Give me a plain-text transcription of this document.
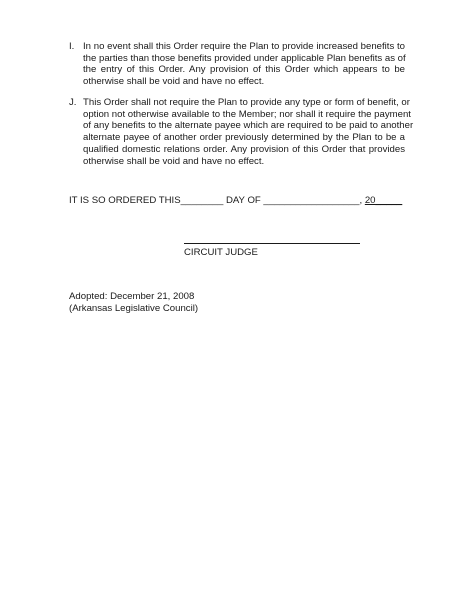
I. In no event shall this Order require the Plan to provide increased benefits to
the parties than those benefits provided under applicable Plan benefits as of
the entry of this Order. Any provision of this Order which appears to be
otherwise shall be void and have no effect.
J. This Order shall not require the Plan to provide any type or form of benefit, or
option not otherwise available to the Member; nor shall it require the payment
of any benefits to the alternate payee which are required to be paid to another
alternate payee of another order previously determined by the Plan to be a
qualified domestic relations order. Any provision of this Order that provides
otherwise shall be void and have no effect.
IT IS SO ORDERED THIS________ DAY OF __________________, 20_____
CIRCUIT JUDGE
Adopted: December 21, 2008
(Arkansas Legislative Council)
